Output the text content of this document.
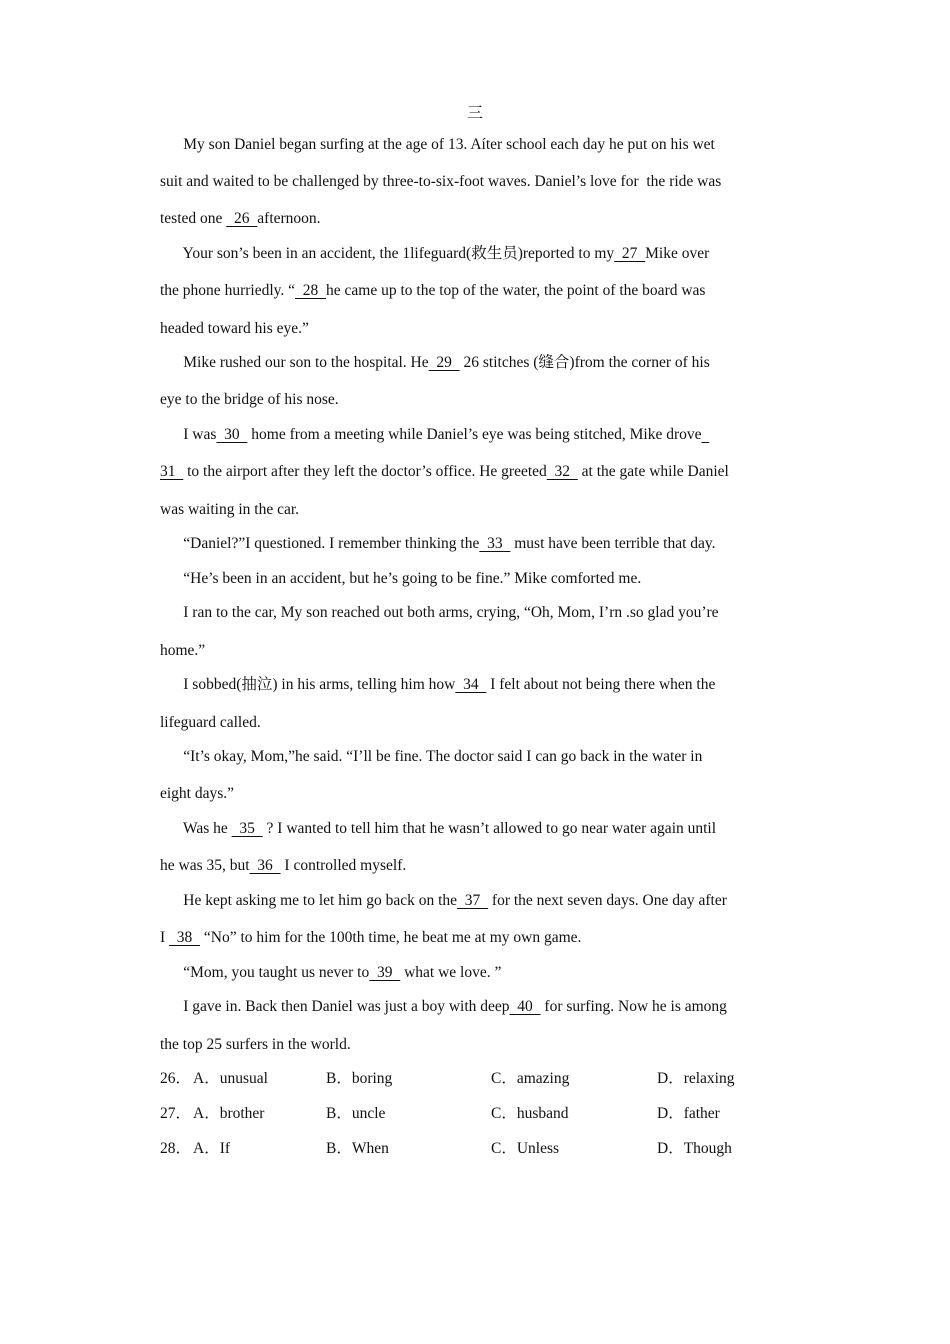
三
My son Daniel began surfing at the age of 13. Aíter school each day he put on his wet
suit and waited to be challenged by three-to-six-foot waves. Daniel’s love for  the ride was
tested one   26  afternoon.
Your son’s been in an accident, the 1lifeguard(救生员)reported to my  27  Mike over
the phone hurriedly. “  28  he came up to the top of the water, the point of the board was
headed toward his eye.”
Mike rushed our son to the hospital. He  29   26 stitches (缝合)from the corner of his
eye to the bridge of his nose.
I was  30   home from a meeting while Daniel’s eye was being stitched, Mike drove
31   to the airport after they left the doctor’s office. He greeted  32   at the gate while Daniel
was waiting in the car.
“Daniel?”I questioned. I remember thinking the  33   must have been terrible that day.
“He’s been in an accident, but he’s going to be fine.” Mike comforted me.
I ran to the car, My son reached out both arms, crying, “Oh, Mom, I’rn .so glad you’re
home.”
I sobbed(抽泣) in his arms, telling him how  34   I felt about not being there when the
lifeguard called.
“It’s okay, Mom,”he said. “I’ll be fine. The doctor said I can go back in the water in
eight days.”
Was he   35   ? I wanted to tell him that he wasn’t allowed to go near water again until
he was 35, but  36   I controlled myself.
He kept asking me to let him go back on the  37   for the next seven days. One day after
I   38   “No” to him for the 100th time, he beat me at my own game.
“Mom, you taught us never to  39   what we love. ”
I gave in. Back then Daniel was just a boy with deep  40   for surfing. Now he is among
the top 25 surfers in the world.
26． A．unusual	B．boring	C．amazing	D．relaxing
27． A．brother	B．uncle	C．husband	D．father
28． A．If	B．When	C．Unless	D．Though
